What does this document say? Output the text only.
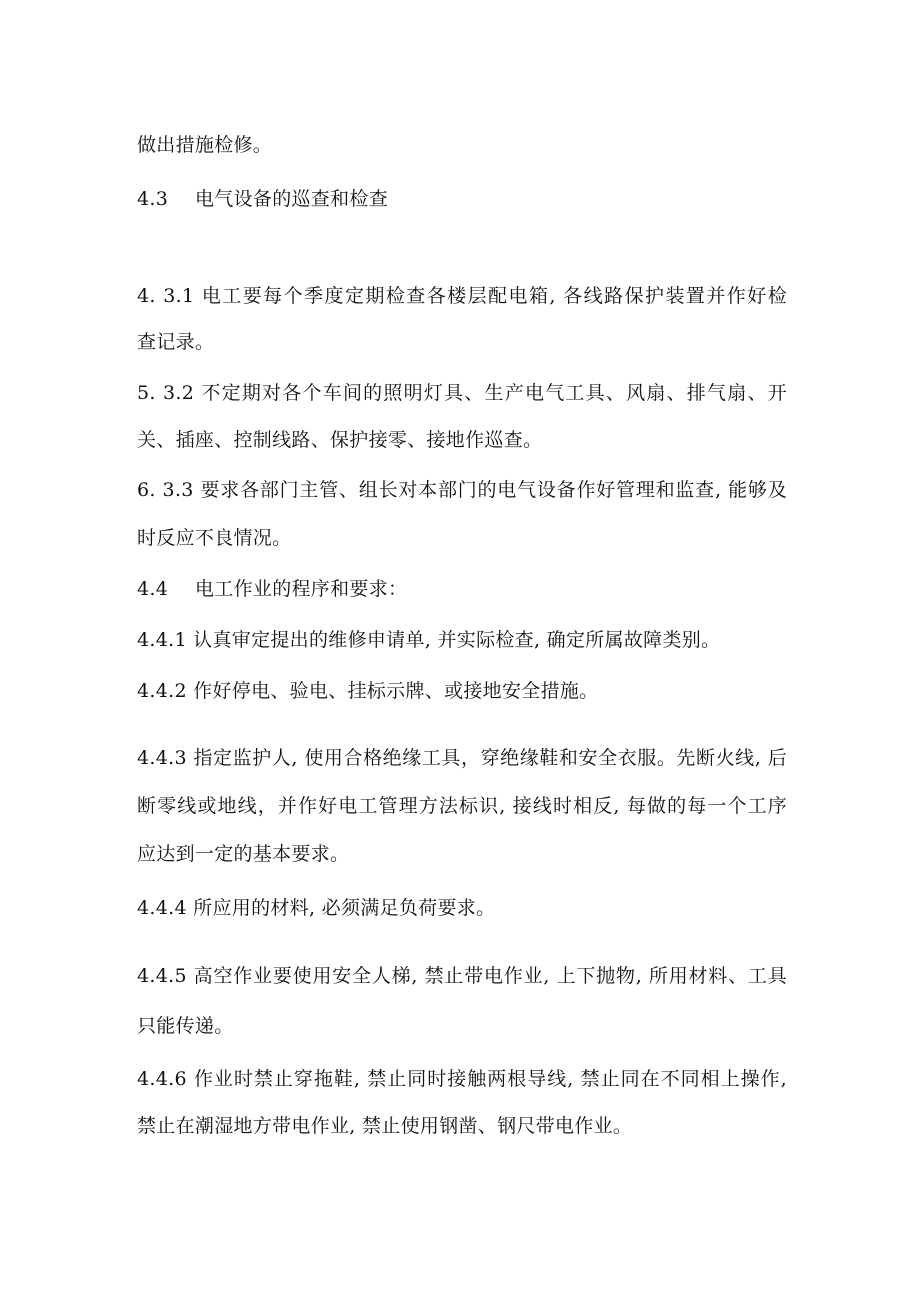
做出措施检修。
4.3 电气设备的巡查和检查
4. 3.1 电工要每个季度定期检查各楼层配电箱, 各线路保护装置并作好检
查记录。
5. 3.2 不定期对各个车间的照明灯具、生产电气工具、风扇、排气扇、开
关、插座、控制线路、保护接零、接地作巡查。
6. 3.3 要求各部门主管、组长对本部门的电气设备作好管理和监查, 能够及
时反应不良情况。
4.4 电工作业的程序和要求：
4.4.1 认真审定提出的维修申请单, 并实际检查, 确定所属故障类别。
4.4.2 作好停电、验电、挂标示牌、或接地安全措施。
4.4.3 指定监护人, 使用合格绝缘工具，穿绝缘鞋和安全衣服。先断火线, 后
断零线或地线，并作好电工管理方法标识, 接线时相反, 每做的每一个工序
应达到一定的基本要求。
4.4.4 所应用的材料, 必须满足负荷要求。
4.4.5 高空作业要使用安全人梯, 禁止带电作业, 上下抛物, 所用材料、工具
只能传递。
4.4.6 作业时禁止穿拖鞋, 禁止同时接触两根导线, 禁止同在不同相上操作,
禁止在潮湿地方带电作业, 禁止使用钢凿、钢尺带电作业。
